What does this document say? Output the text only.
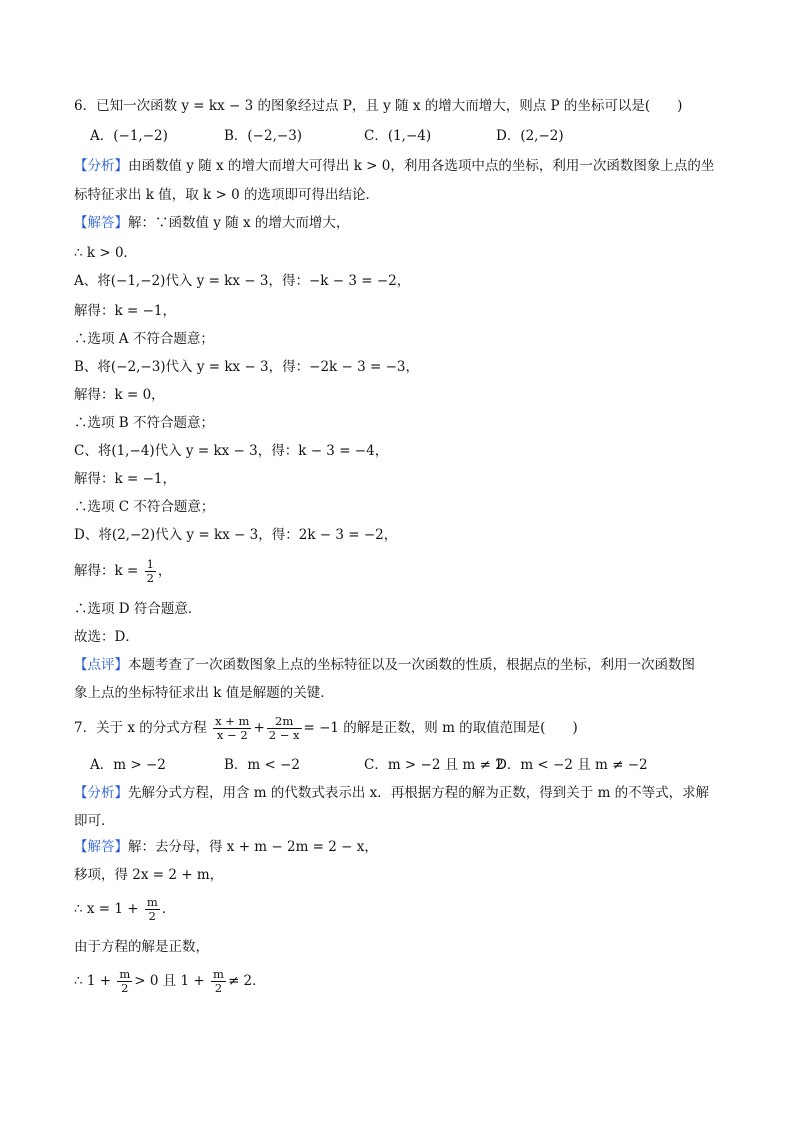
6．已知一次函数 y = kx − 3 的图象经过点 P，且 y 随 x 的增大而增大，则点 P 的坐标可以是(　　)
A．(−1,−2)	B．(−2,−3)	C．(1,−4)	D．(2,−2)
【分析】由函数值 y 随 x 的增大而增大可得出 k > 0，利用各选项中点的坐标，利用一次函数图象上点的坐
标特征求出 k 值，取 k > 0 的选项即可得出结论．
【解答】解：∵函数值 y 随 x 的增大而增大，
∴ k > 0．
A、将(−1,−2)代入 y = kx − 3，得：−k − 3 = −2，
解得：k = −1，
∴选项 A 不符合题意；
B、将(−2,−3)代入 y = kx − 3，得：−2k − 3 = −3，
解得：k = 0，
∴选项 B 不符合题意；
C、将(1,−4)代入 y = kx − 3，得：k − 3 = −4，
解得：k = −1，
∴选项 C 不符合题意；
D、将(2,−2)代入 y = kx − 3，得：2k − 3 = −2，
解得：$k = \frac{1}{2}$ ，
∴选项 D 符合题意．
故选：D．
【点评】本题考查了一次函数图象上点的坐标特征以及一次函数的性质，根据点的坐标，利用一次函数图
象上点的坐标特征求出 k 值是解题的关键．
7．关于 x 的分式方程 $\frac{x + m}{x - 2} + \frac{2m}{2 - x} = -1$ 的解是正数，则 m 的取值范围是(　　)
A．m > −2	B．m < −2	C．m > −2 且 m ≠ 2
D．m < −2 且 m ≠ −2
【分析】先解分式方程，用含 m 的代数式表示出 x．再根据方程的解为正数，得到关于 m 的不等式，求解
即可．
【解答】解：去分母，得 x + m − 2m = 2 − x，
移项，得 2x = 2 + m，
∴ $x = 1 + \frac{m}{2}$ ．
由于方程的解是正数，
∴ $1 + \frac{m}{2} > 0$ 且 $1 + \frac{m}{2} \ne 2$．
